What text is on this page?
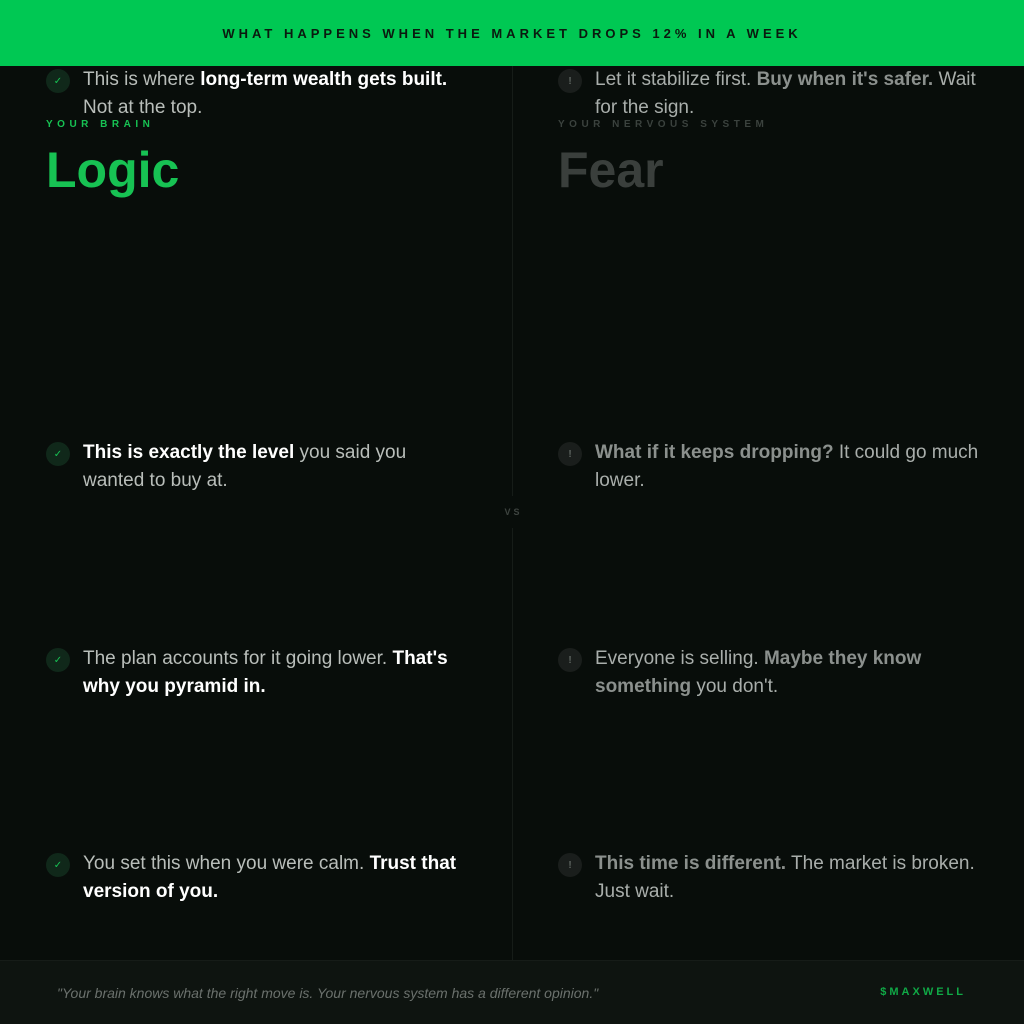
WHAT HAPPENS WHEN THE MARKET DROPS 12% IN A WEEK
VS
YOUR BRAIN
Logic
✓	This is exactly the level you said you wanted to buy at.

✓	The plan accounts for it going lower. That's why you pyramid in.

✓	You set this when you were calm. Trust that version of you.

✓	This is where long-term wealth gets built. Not at the top.

YOUR NERVOUS SYSTEM
Fear
!	What if it keeps dropping? It could go much lower.

!	Everyone is selling. Maybe they know something you don't.

!	This time is different. The market is broken. Just wait.

!	Let it stabilize first. Buy when it's safer. Wait for the sign.

"Your brain knows what the right move is. Your nervous system has a different opinion."	$MAXWELL
